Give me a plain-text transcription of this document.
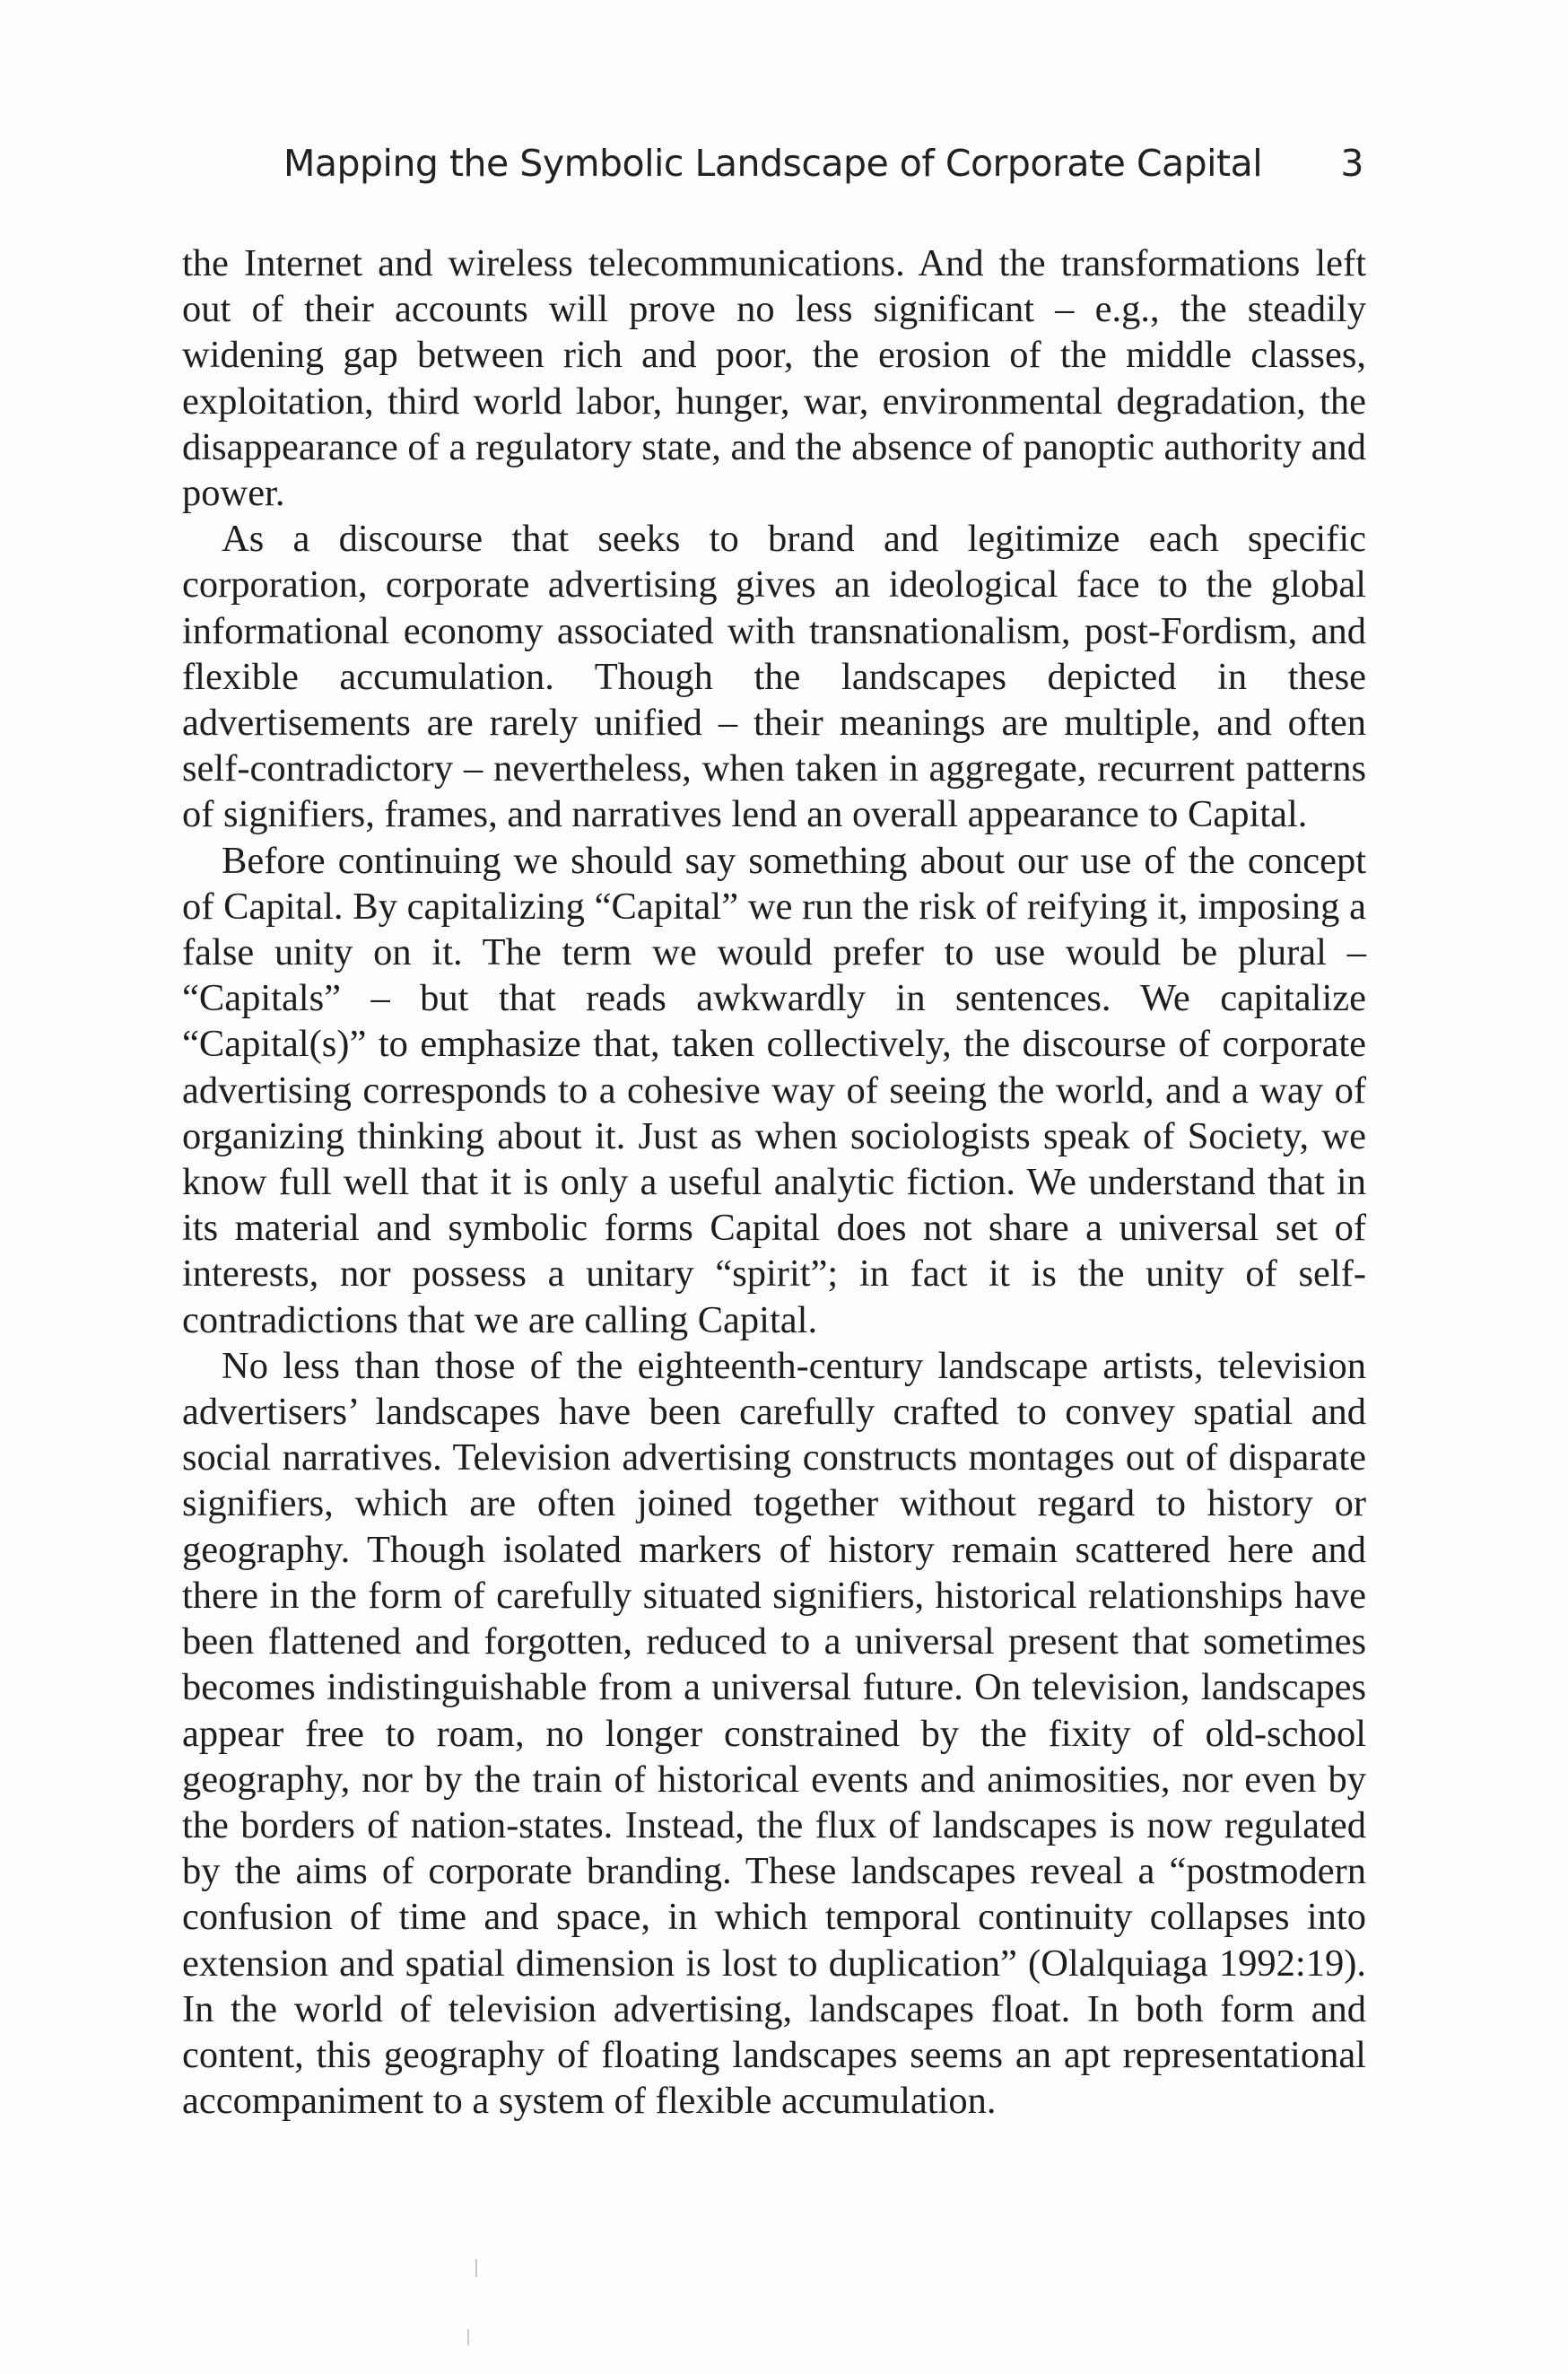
Mapping the Symbolic Landscape of Corporate Capital 3

the Internet and wireless telecommunications. And the transformations left out of their accounts will prove no less significant – e.g., the steadily widening gap between rich and poor, the erosion of the middle classes, exploitation, third world labor, hunger, war, environmental degradation, the disappearance of a regulatory state, and the absence of panoptic authority and power.

As a discourse that seeks to brand and legitimize each specific corporation, corporate advertising gives an ideological face to the global informational economy associated with transnationalism, post-Fordism, and flexible accumulation. Though the landscapes depicted in these advertisements are rarely unified – their meanings are multiple, and often self-contradictory – nevertheless, when taken in aggregate, recurrent patterns of signifiers, frames, and narratives lend an overall appearance to Capital.

Before continuing we should say something about our use of the concept of Capital. By capitalizing “Capital” we run the risk of reifying it, imposing a false unity on it. The term we would prefer to use would be plural – “Capitals” – but that reads awkwardly in sentences. We capitalize “Capital(s)” to emphasize that, taken collectively, the discourse of corporate advertising corresponds to a cohesive way of seeing the world, and a way of organizing thinking about it. Just as when sociologists speak of Society, we know full well that it is only a useful analytic fiction. We understand that in its material and symbolic forms Capital does not share a universal set of interests, nor possess a unitary “spirit”; in fact it is the unity of self-contradictions that we are calling Capital.

No less than those of the eighteenth-century landscape artists, television advertisers’ landscapes have been carefully crafted to convey spatial and social narratives. Television advertising constructs montages out of disparate signifiers, which are often joined together without regard to history or geography. Though isolated markers of history remain scattered here and there in the form of carefully situated signifiers, historical relationships have been flattened and forgotten, reduced to a universal present that sometimes becomes indistinguishable from a universal future. On television, landscapes appear free to roam, no longer constrained by the fixity of old-school geography, nor by the train of historical events and animosities, nor even by the borders of nation-states. Instead, the flux of landscapes is now regulated by the aims of corporate branding. These landscapes reveal a “postmodern confusion of time and space, in which temporal continuity collapses into extension and spatial dimension is lost to duplication” (Olalquiaga 1992:19). In the world of television advertising, landscapes float. In both form and content, this geography of floating landscapes seems an apt representational accompaniment to a system of flexible accumulation.
